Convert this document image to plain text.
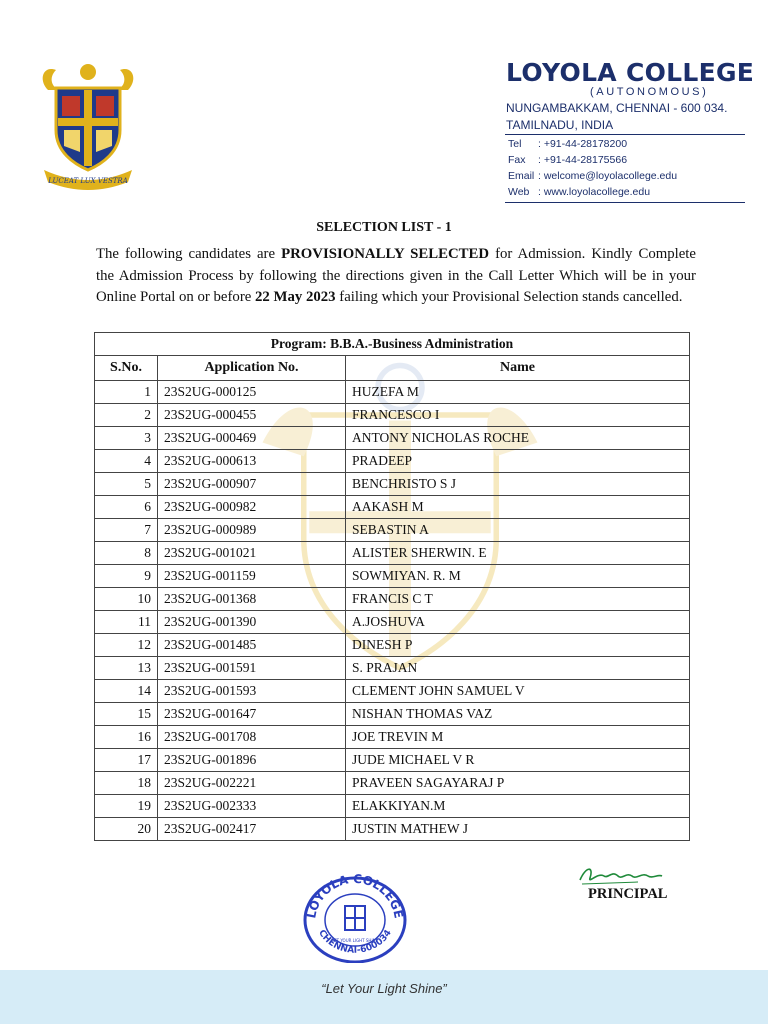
LUCEAT LUX VESTRA
LOYOLA COLLEGE
(AUTONOMOUS)
NUNGAMBAKKAM, CHENNAI - 600 034.
TAMILNADU, INDIA
Tel : +91-44-28178200
Fax : +91-44-28175566
Email : welcome@loyolacollege.edu
Web : www.loyolacollege.edu
SELECTION LIST - 1
The following candidates are PROVISIONALLY SELECTED for Admission. Kindly Complete the Admission Process by following the directions given in the Call Letter Which will be in your Online Portal on or before 22 May 2023 failing which your Provisional Selection stands cancelled.
Program: B.B.A.-Business Administration		
S.No.	Application No.	Name
1	23S2UG-000125	HUZEFA M
2	23S2UG-000455	FRANCESCO I
3	23S2UG-000469	ANTONY NICHOLAS ROCHE
4	23S2UG-000613	PRADEEP
5	23S2UG-000907	BENCHRISTO S J
6	23S2UG-000982	AAKASH M
7	23S2UG-000989	SEBASTIN A
8	23S2UG-001021	ALISTER SHERWIN. E
9	23S2UG-001159	SOWMIYAN. R. M
10	23S2UG-001368	FRANCIS C T
11	23S2UG-001390	A.JOSHUVA
12	23S2UG-001485	DINESH P
13	23S2UG-001591	S. PRAJAN
14	23S2UG-001593	CLEMENT JOHN SAMUEL V
15	23S2UG-001647	NISHAN THOMAS VAZ
16	23S2UG-001708	JOE TREVIN M
17	23S2UG-001896	JUDE MICHAEL V R
18	23S2UG-002221	PRAVEEN SAGAYARAJ P
19	23S2UG-002333	ELAKKIYAN.M
20	23S2UG-002417	JUSTIN MATHEW J
LOYOLA COLLEGE
CHENNAI-600034
LET YOUR LIGHT SHINE
PRINCIPAL
“Let Your Light Shine”
